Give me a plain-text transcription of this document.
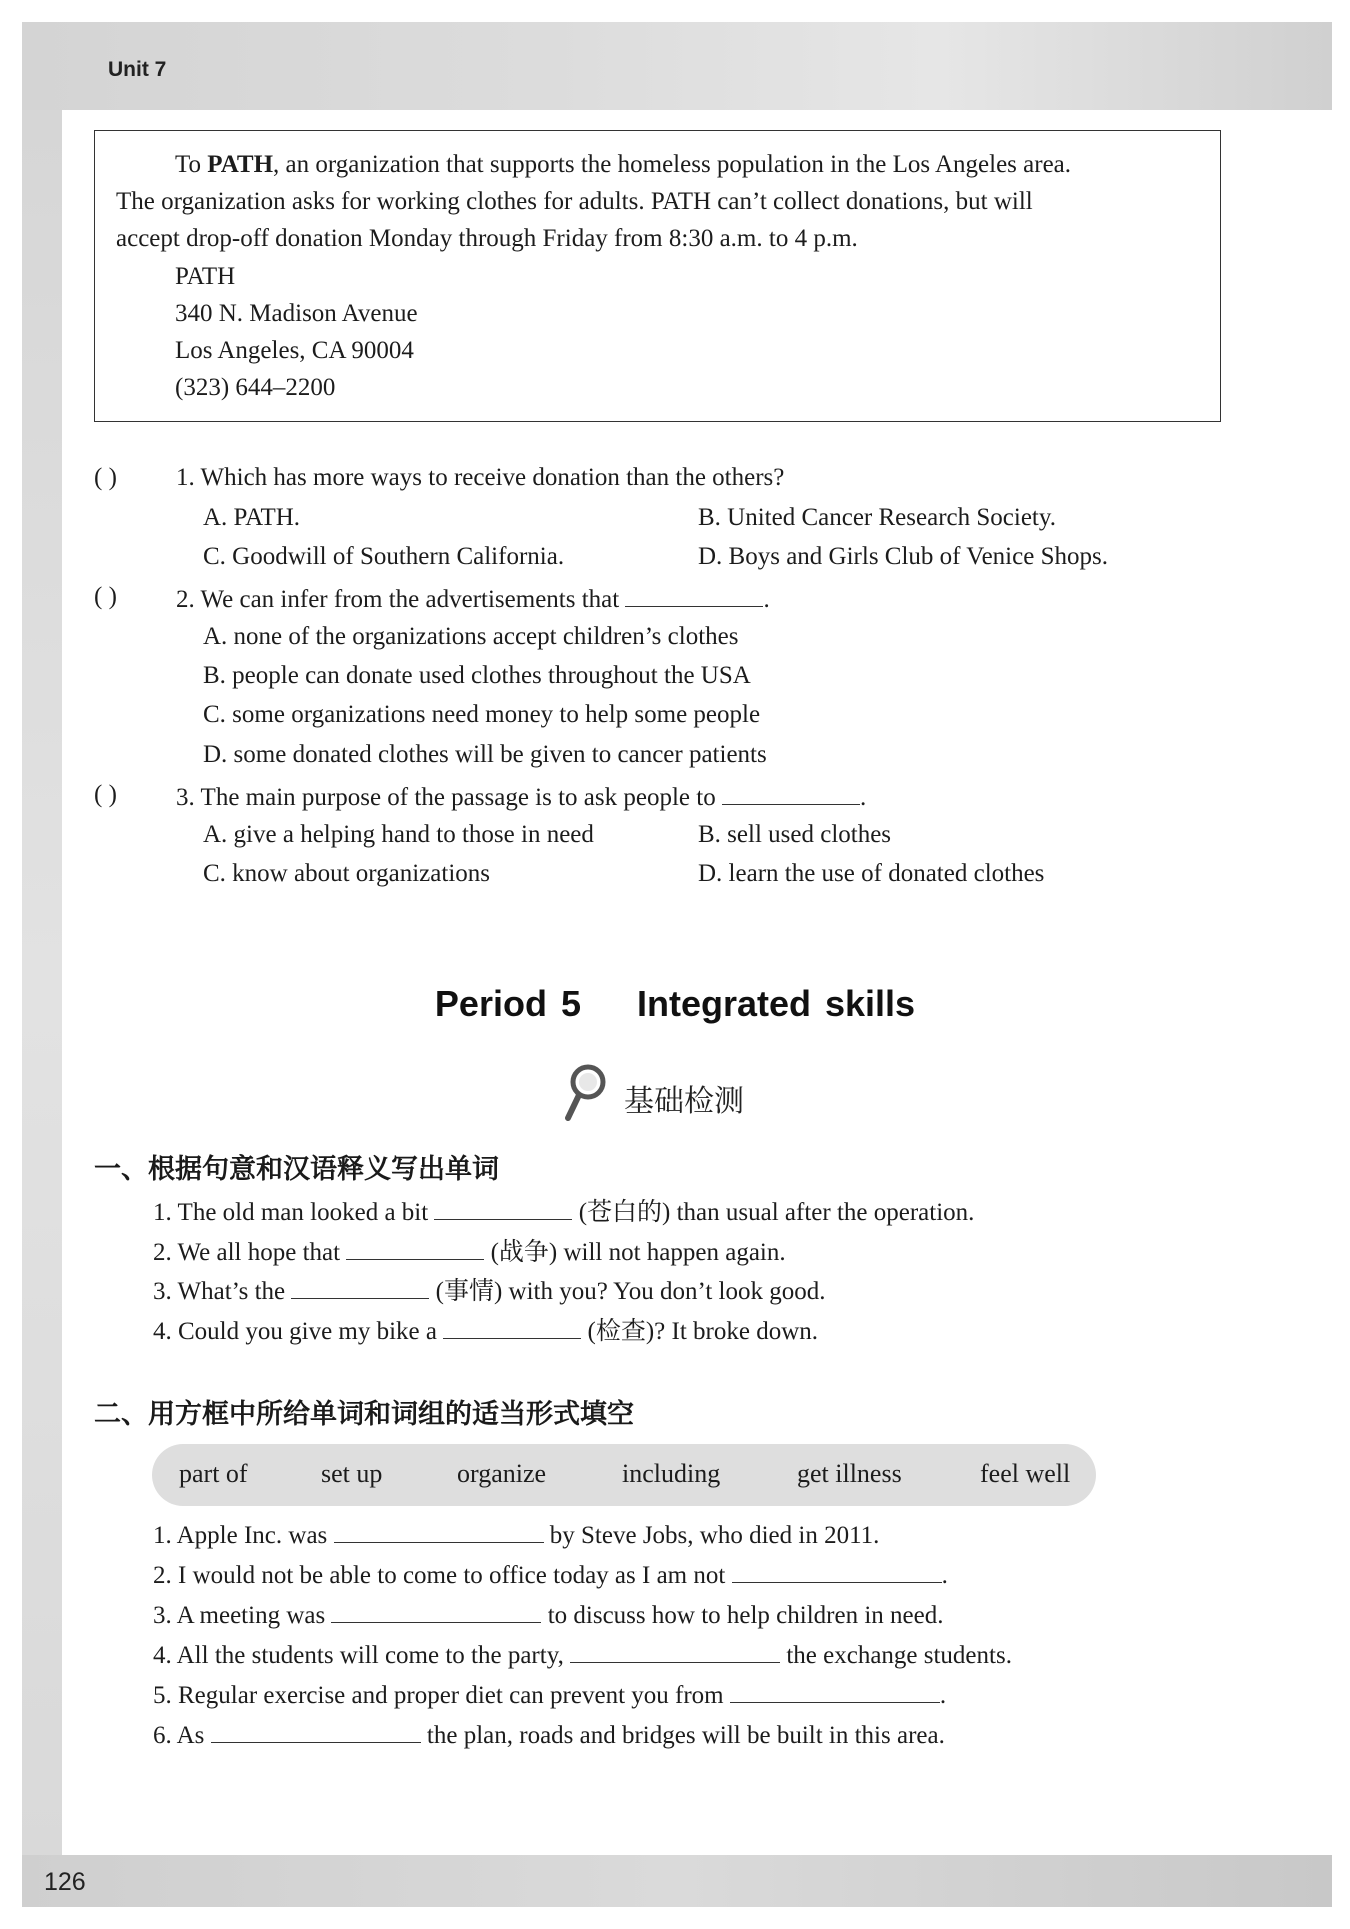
Unit 7
To PATH, an organization that supports the homeless population in the Los Angeles area.
The organization asks for working clothes for adults. PATH can’t collect donations, but will
accept drop-off donation Monday through Friday from 8:30 a.m. to 4 p.m.
PATH
340 N. Madison Avenue
Los Angeles, CA 90004
(323) 644–2200
( ) 1. Which has more ways to receive donation than the others?
A. PATH.	B. United Cancer Research Society.
C. Goodwill of Southern California.	D. Boys and Girls Club of Venice Shops.
( ) 2. We can infer from the advertisements that	.
A. none of the organizations accept children’s clothes
B. people can donate used clothes throughout the USA
C. some organizations need money to help some people
D. some donated clothes will be given to cancer patients
( ) 3. The main purpose of the passage is to ask people to	.
A. give a helping hand to those in need	B. sell used clothes
C. know about organizations	D. learn the use of donated clothes
Period 5    Integrated skills
基础检测
一、根据句意和汉语释义写出单词
1. The old man looked a bit	(苍白的) than usual after the operation.
2. We all hope that	(战争) will not happen again.
3. What’s the	(事情) with you? You don’t look good.
4. Could you give my bike a	(检查)? It broke down.
二、用方框中所给单词和词组的适当形式填空
part of	set up	organize	including	get illness	feel well
1. Apple Inc. was	by Steve Jobs, who died in 2011.
2. I would not be able to come to office today as I am not	.
3. A meeting was	to discuss how to help children in need.
4. All the students will come to the party,	the exchange students.
5. Regular exercise and proper diet can prevent you from	.
6. As	the plan, roads and bridges will be built in this area.
126
